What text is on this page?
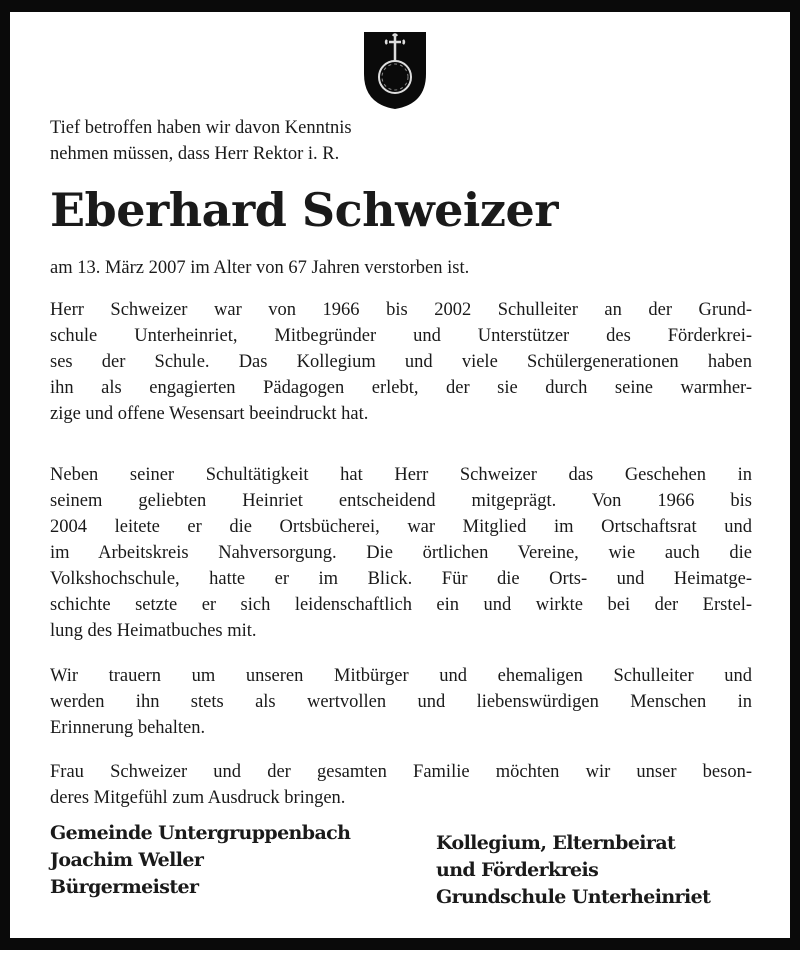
Tief betroffen haben wir davon Kenntnis
nehmen müssen, dass Herr Rektor i. R.
Eberhard Schweizer
am 13. März 2007 im Alter von 67 Jahren verstorben ist.
Herr Schweizer war von 1966 bis 2002 Schulleiter an der Grund-
schule Unterheinriet, Mitbegründer und Unterstützer des Förderkrei-
ses der Schule. Das Kollegium und viele Schülergenerationen haben
ihn als engagierten Pädagogen erlebt, der sie durch seine warmher-
zige und offene Wesensart beeindruckt hat.
Neben seiner Schultätigkeit hat Herr Schweizer das Geschehen in
seinem geliebten Heinriet entscheidend mitgeprägt. Von 1966 bis
2004 leitete er die Ortsbücherei, war Mitglied im Ortschaftsrat und
im Arbeitskreis Nahversorgung. Die örtlichen Vereine, wie auch die
Volkshochschule, hatte er im Blick. Für die Orts- und Heimatge-
schichte setzte er sich leidenschaftlich ein und wirkte bei der Erstel-
lung des Heimatbuches mit.
Wir trauern um unseren Mitbürger und ehemaligen Schulleiter und
werden ihn stets als wertvollen und liebenswürdigen Menschen in
Erinnerung behalten.
Frau Schweizer und der gesamten Familie möchten wir unser beson-
deres Mitgefühl zum Ausdruck bringen.
Gemeinde Untergruppenbach
Joachim Weller
Bürgermeister
Kollegium, Elternbeirat
und Förderkreis
Grundschule Unterheinriet
